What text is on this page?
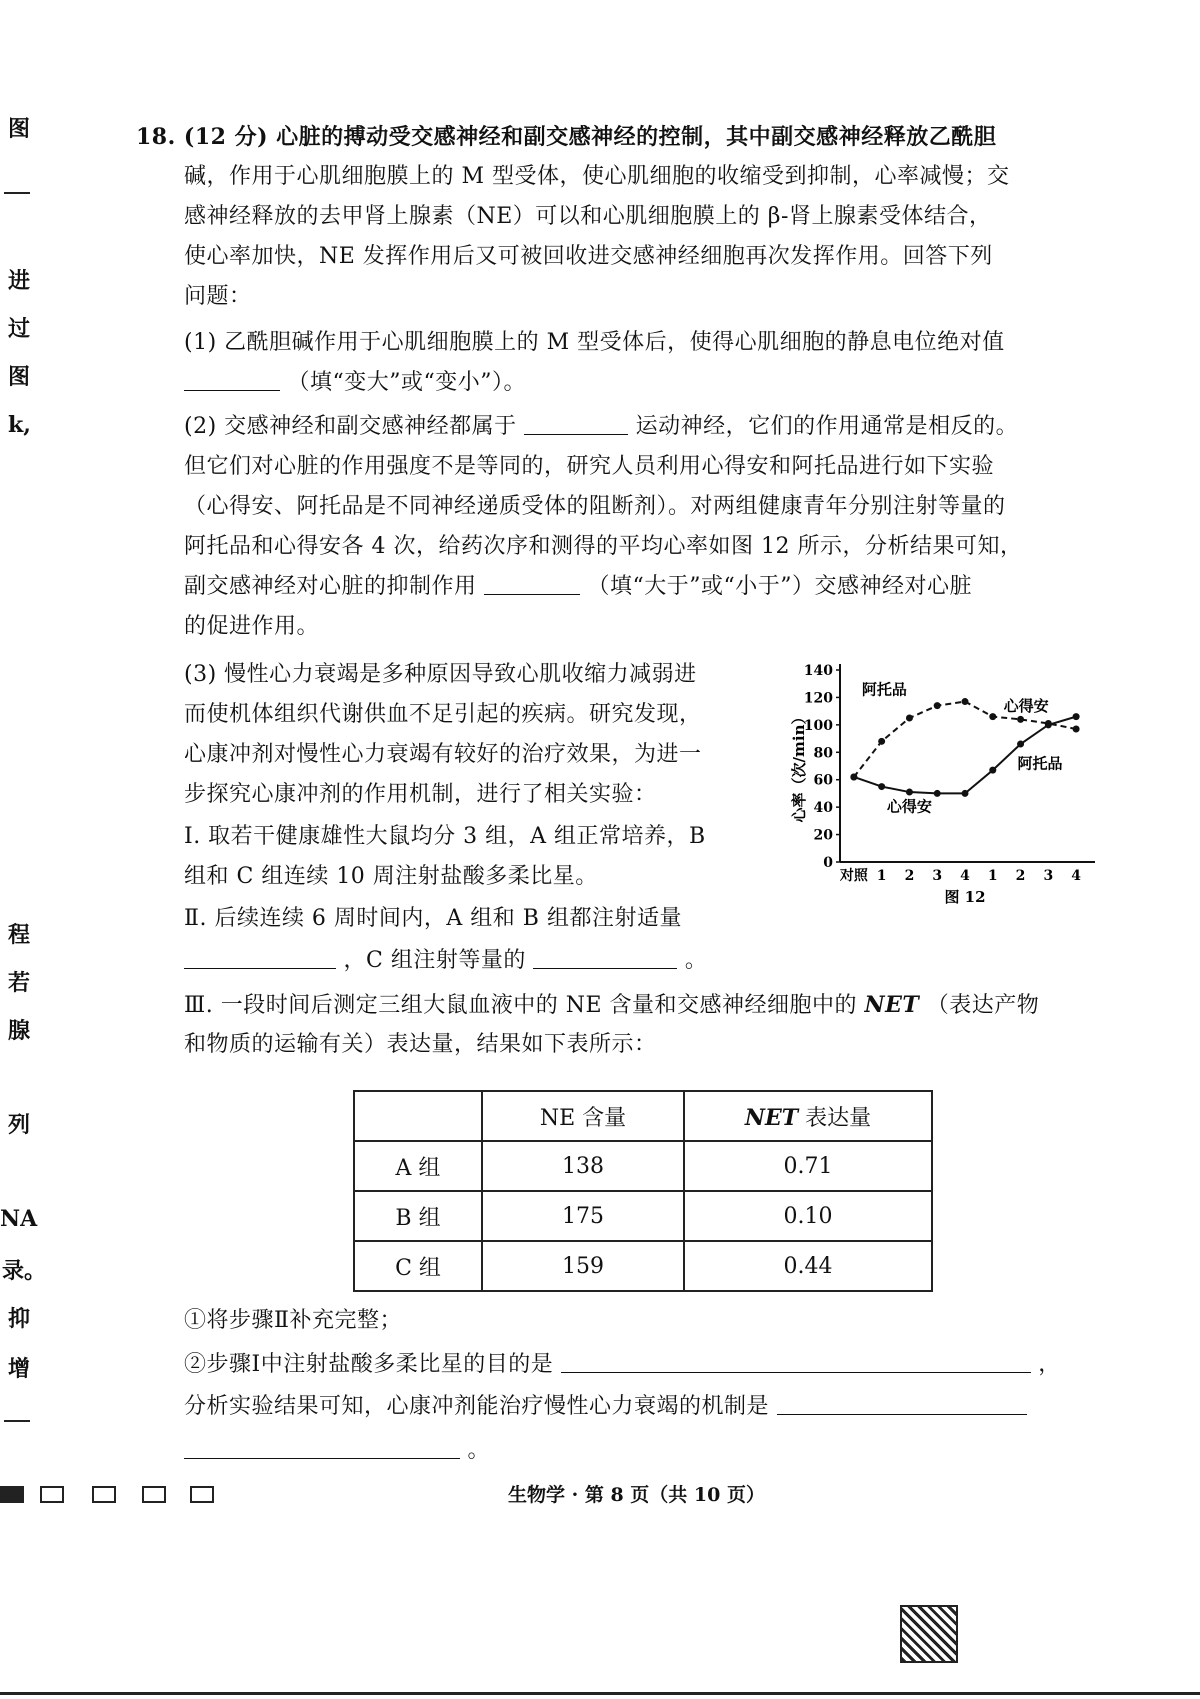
图
进
过
图
k,
程
若
腺
列
NA
录。
抑
增
18. (12 分) 心脏的搏动受交感神经和副交感神经的控制，其中副交感神经释放乙酰胆
碱，作用于心肌细胞膜上的 M 型受体，使心肌细胞的收缩受到抑制，心率减慢；交
感神经释放的去甲肾上腺素（NE）可以和心肌细胞膜上的 β-肾上腺素受体结合，
使心率加快，NE 发挥作用后又可被回收进交感神经细胞再次发挥作用。回答下列
问题：
(1) 乙酰胆碱作用于心肌细胞膜上的 M 型受体后，使得心肌细胞的静息电位绝对值
（填“变大”或“变小”）。
(2) 交感神经和副交感神经都属于	运动神经，它们的作用通常是相反的。
但它们对心脏的作用强度不是等同的，研究人员利用心得安和阿托品进行如下实验
（心得安、阿托品是不同神经递质受体的阻断剂）。对两组健康青年分别注射等量的
阿托品和心得安各 4 次，给药次序和测得的平均心率如图 12 所示，分析结果可知，
副交感神经对心脏的抑制作用	（填“大于”或“小于”）交感神经对心脏
的促进作用。
(3) 慢性心力衰竭是多种原因导致心肌收缩力减弱进
而使机体组织代谢供血不足引起的疾病。研究发现，
心康冲剂对慢性心力衰竭有较好的治疗效果，为进一
步探究心康冲剂的作用机制，进行了相关实验：
Ⅰ. 取若干健康雄性大鼠均分 3 组，A 组正常培养，B
组和 C 组连续 10 周注射盐酸多柔比星。
Ⅱ. 后续连续 6 周时间内，A 组和 B 组都注射适量
，C 组注射等量的	。
Ⅲ. 一段时间后测定三组大鼠血液中的 NE 含量和交感神经细胞中的 NET （表达产物
和物质的运输有关）表达量，结果如下表所示：
①将步骤Ⅱ补充完整；
②步骤Ⅰ中注射盐酸多柔比星的目的是	，
分析实验结果可知，心康冲剂能治疗慢性心力衰竭的机制是
。
0
20
40
60
80
100
120
140
对照 1 2 3 4 1 2 3 4
心率（次/min）
图 12
阿托品
阿托品
心得安
心得安
	NE 含量	NET 表达量
A 组	138	0.71
B 组	175	0.10
C 组	159	0.44
生物学 · 第 8 页（共 10 页）
